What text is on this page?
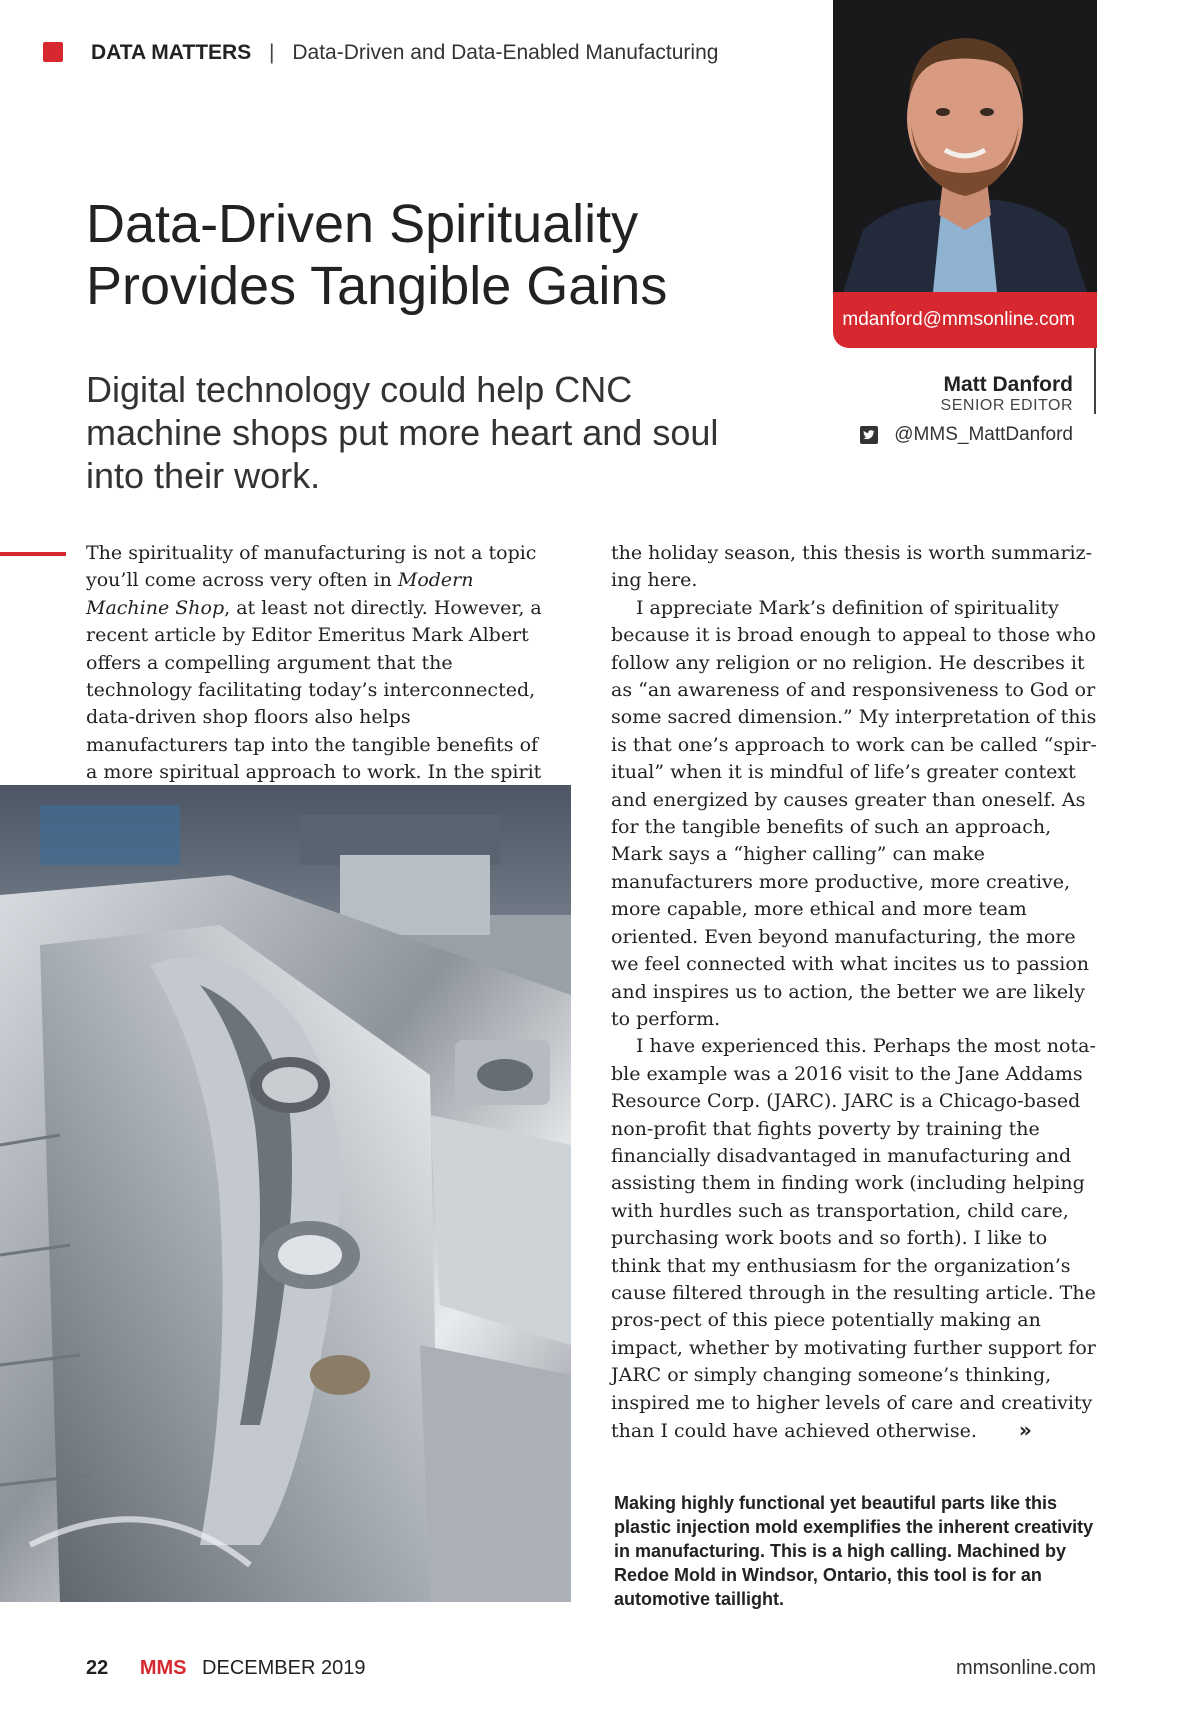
DATA MATTERS | Data-Driven and Data-Enabled Manufacturing
Data-Driven Spirituality
Provides Tangible Gains
Digital technology could help CNC machine shops put more heart and soul into their work.
mdanford@mmsonline.com
Matt Danford
SENIOR EDITOR
@MMS_MattDanford

The spirituality of manufacturing is not a topic you’ll come across very often in Modern Machine Shop, at least not directly. However, a recent article by Editor Emeritus Mark Albert offers a compelling argument that the technology facilitating today’s interconnected, data-driven shop floors also helps manufacturers tap into the tangible benefits of a more spiritual approach to work. In the spirit

the holiday season, this thesis is worth summariz-ing here.

I appreciate Mark’s definition of spirituality because it is broad enough to appeal to those who follow any religion or no religion. He describes it as “an awareness of and responsiveness to God or some sacred dimension.” My interpretation of this is that one’s approach to work can be called “spir-itual” when it is mindful of life’s greater context and energized by causes greater than oneself. As for the tangible benefits of such an approach, Mark says a “higher calling” can make manufacturers more productive, more creative, more capable, more ethical and more team oriented. Even beyond manufacturing, the more we feel connected with what incites us to passion and inspires us to action, the better we are likely to perform.

I have experienced this. Perhaps the most nota-ble example was a 2016 visit to the Jane Addams Resource Corp. (JARC). JARC is a Chicago-based non-profit that fights poverty by training the financially disadvantaged in manufacturing and assisting them in finding work (including helping with hurdles such as transportation, child care, purchasing work boots and so forth). I like to think that my enthusiasm for the organization’s cause filtered through in the resulting article. The pros-pect of this piece potentially making an impact, whether by motivating further support for JARC or simply changing someone’s thinking, inspired me to higher levels of care and creativity than I could have achieved otherwise. »

Making highly functional yet beautiful parts like this plastic injection mold exemplifies the inherent creativity in manufacturing. This is a high calling. Machined by Redoe Mold in Windsor, Ontario, this tool is for an automotive taillight.
22 MMS DECEMBER 2019	mmsonline.com
